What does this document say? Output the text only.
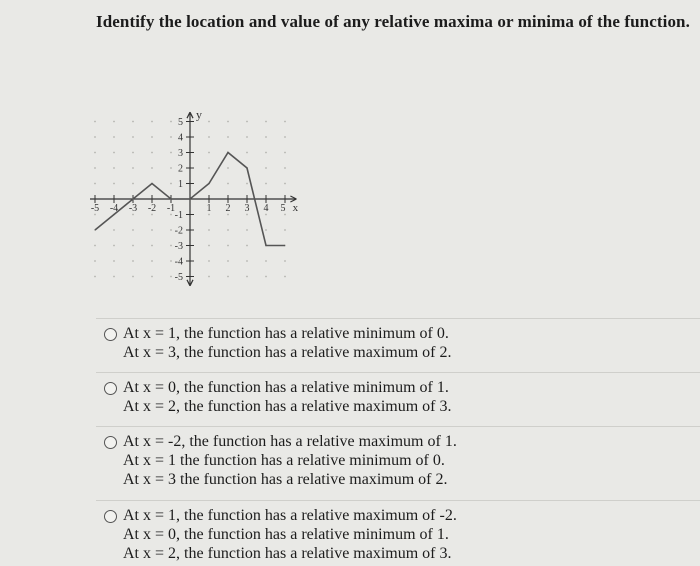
Identify the location and value of any relative maxima or minima of the function.
-5 -4 -3 -2 -1	1 2 3 4 5
5
4
3
2
1
-1
-2
-3
-4
-5
x
y
At x = 1, the function has a relative minimum of 0.
At x = 3, the function has a relative maximum of 2.
At x = 0, the function has a relative minimum of 1.
At x = 2, the function has a relative maximum of 3.
At x = -2, the function has a relative maximum of 1.
At x = 1 the function has a relative minimum of 0.
At x = 3 the function has a relative maximum of 2.
At x = 1, the function has a relative maximum of -2.
At x = 0, the function has a relative minimum of 1.
At x = 2, the function has a relative maximum of 3.
